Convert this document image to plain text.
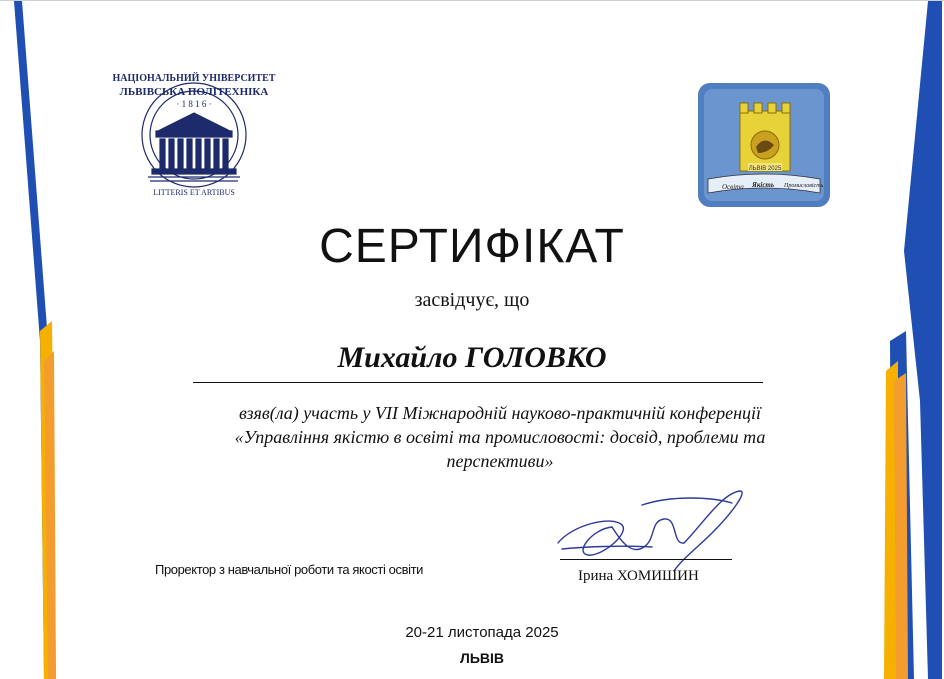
НАЦІОНАЛЬНИЙ УНІВЕРСИТЕТ
ЛЬВІВСЬКА ПОЛІТЕХНІКА
· 1 8 1 6 ·
LITTERIS ET ARTIBUS
ЛЬВІВ 2025
Освіта Якість Промисловість
СЕРТИФІКАТ
засвідчує, що
Михайло ГОЛОВКО
взяв(ла) участь у VII Міжнародній науково-практичній конференції
«Управління якістю в освіті та промисловості: досвід, проблеми та
перспективи»
Проректор з навчальної роботи та якості освіти	Ірина ХОМИШИН
20-21 листопада 2025
ЛЬВІВ
